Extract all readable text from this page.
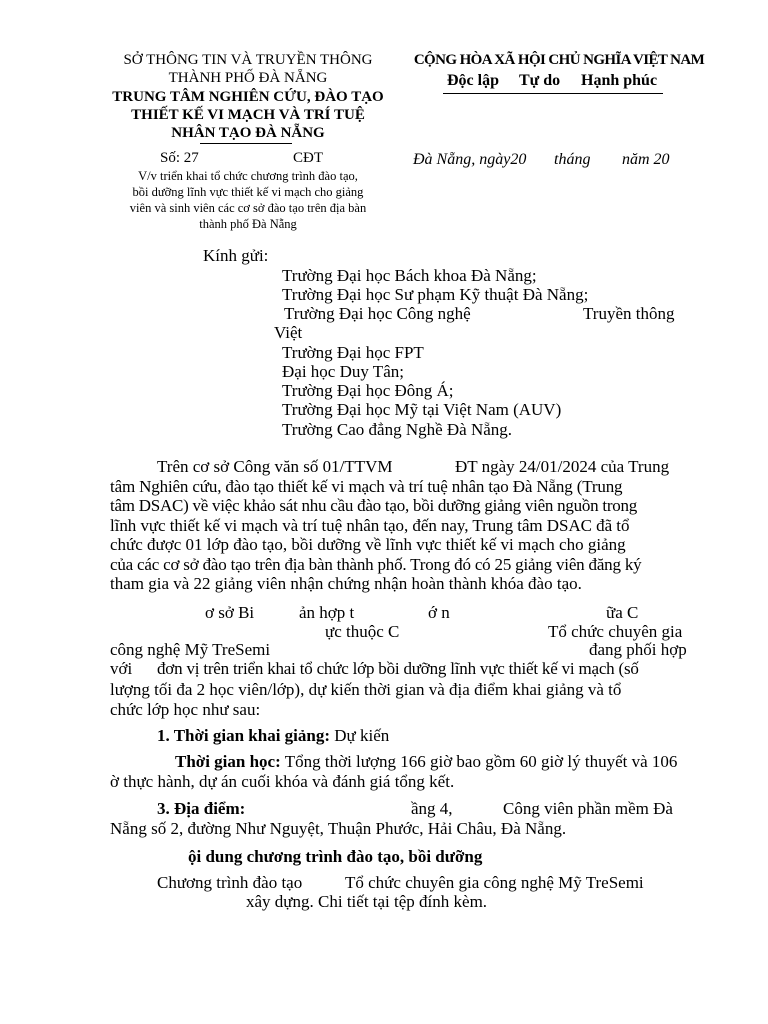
SỞ THÔNG TIN VÀ TRUYỀN THÔNG
THÀNH PHỐ ĐÀ NẴNG
TRUNG TÂM NGHIÊN CỨU, ĐÀO TẠO
THIẾT KẾ VI MẠCH VÀ TRÍ TUỆ
NHÂN TẠO ĐÀ NẴNG
Số: 27	CĐT
V/v triển khai tổ chức chương trình đào tạo,
bồi dưỡng lĩnh vực thiết kế vi mạch cho giảng
viên và sinh viên các cơ sở đào tạo trên địa bàn
thành phố Đà Nẵng
CỘNG HÒA XÃ HỘI CHỦ NGHĨA VIỆT NAM
Độc lập Tự do Hạnh phúc
Đà Nẵng, ngày20 tháng năm 20
Kính gửi:
Trường Đại học Bách khoa Đà Nẵng;
Trường Đại học Sư phạm Kỹ thuật Đà Nẵng;
Trường Đại học Công nghệ	Truyền thông
Việt
Trường Đại học FPT
Đại học Duy Tân;
Trường Đại học Đông Á;
Trường Đại học Mỹ tại Việt Nam (AUV)
Trường Cao đẳng Nghề Đà Nẵng.
Trên cơ sở Công văn số 01/TTVM	ĐT ngày 24/01/2024 của Trung
tâm Nghiên cứu, đào tạo thiết kế vi mạch và trí tuệ nhân tạo Đà Nẵng (Trung
tâm DSAC) về việc khảo sát nhu cầu đào tạo, bồi dưỡng giảng viên nguồn trong
lĩnh vực thiết kế vi mạch và trí tuệ nhân tạo, đến nay, Trung tâm DSAC đã tổ
chức được 01 lớp đào tạo, bồi dưỡng về lĩnh vực thiết kế vi mạch cho giảng
của các cơ sở đào tạo trên địa bàn thành phố. Trong đó có 25 giảng viên đăng ký
tham gia và 22 giảng viên nhận chứng nhận hoàn thành khóa đào tạo.
ơ sở Bi	ản hợp t	ớ n	ữa C
ực thuộc C	Tổ chức chuyên gia
công nghệ Mỹ TreSemi	đang phối hợp
với đơn vị trên triển khai tổ chức lớp bồi dưỡng lĩnh vực thiết kế vi mạch (số
lượng tối đa 2 học viên/lớp), dự kiến thời gian và địa điểm khai giảng và tổ
chức lớp học như sau:
1. Thời gian khai giảng: Dự kiến
Thời gian học: Tổng thời lượng 166 giờ bao gồm 60 giờ lý thuyết và 106
ờ thực hành, dự án cuối khóa và đánh giá tổng kết.
3. Địa điểm:	ầng 4,	Công viên phần mềm Đà
Nẵng số 2, đường Như Nguyệt, Thuận Phước, Hải Châu, Đà Nẵng.
ội dung chương trình đào tạo, bồi dưỡng
Chương trình đào tạo	Tổ chức chuyên gia công nghệ Mỹ TreSemi
xây dựng. Chi tiết tại tệp đính kèm.
